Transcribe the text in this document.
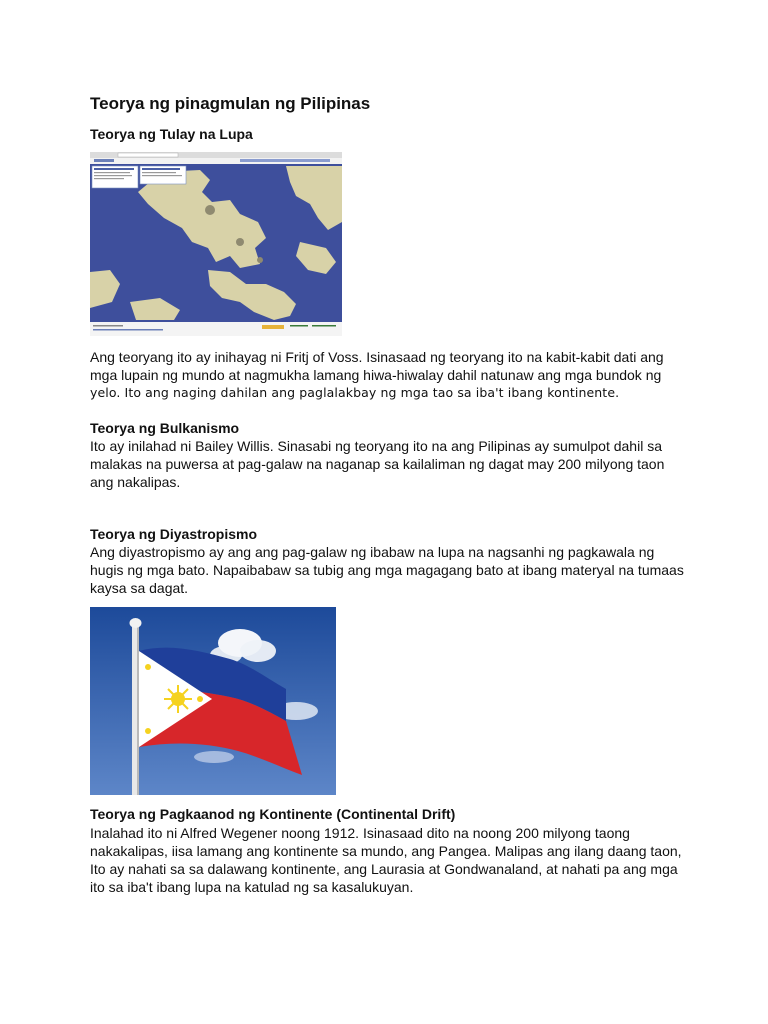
Teorya ng pinagmulan ng Pilipinas
Teorya ng Tulay na Lupa

Ang teoryang ito ay inihayag ni Fritj of Voss. Isinasaad ng teoryang ito na kabit-kabit dati ang
mga lupain ng mundo at nagmukha lamang hiwa-hiwalay dahil natunaw ang mga bundok ng
yelo. Ito ang naging dahilan ang paglalakbay ng mga tao sa iba't ibang kontinente.

Teorya ng Bulkanismo

Ito ay inilahad ni Bailey Willis. Sinasabi ng teoryang ito na ang Pilipinas ay sumulpot dahil sa
malakas na puwersa at pag-galaw na naganap sa kailaliman ng dagat may 200 milyong taon
ang nakalipas.

Teorya ng Diyastropismo

Ang diyastropismo ay ang ang pag-galaw ng ibabaw na lupa na nagsanhi ng pagkawala ng
hugis ng mga bato. Napaibabaw sa tubig ang mga magagang bato at ibang materyal na tumaas
kaysa sa dagat.

Teorya ng Pagkaanod ng Kontinente (Continental Drift)

Inalahad ito ni Alfred Wegener noong 1912. Isinasaad dito na noong 200 milyong taong
nakakalipas, iisa lamang ang kontinente sa mundo, ang Pangea. Malipas ang ilang daang taon,
Ito ay nahati sa sa dalawang kontinente, ang Laurasia at Gondwanaland, at nahati pa ang mga
ito sa iba't ibang lupa na katulad ng sa kasalukuyan.
